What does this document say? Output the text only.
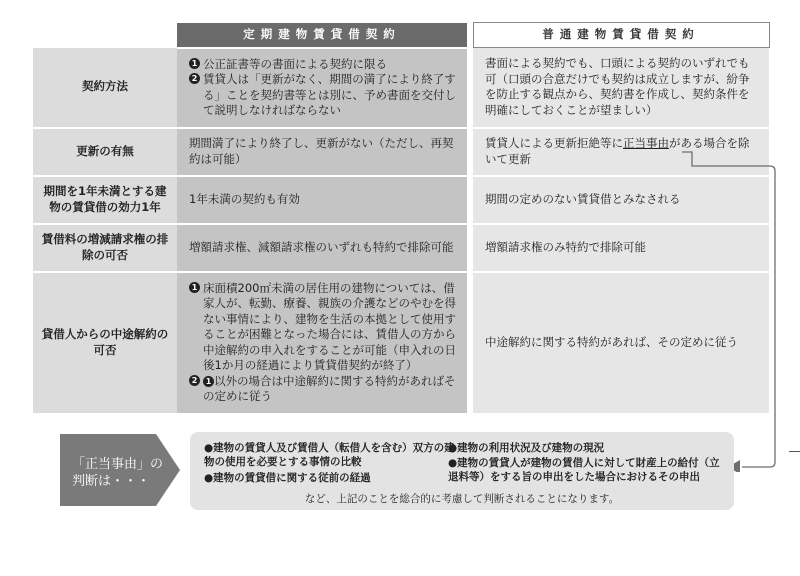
	定期建物賃貸借契約		普通建物賃貸借契約
契約方法	1 公正証書等の書面による契約に限る
2 賃貸人は「更新がなく、期間の満了により終了する」ことを契約書等とは別に、予め書面を交付して説明しなければならない		書面による契約でも、口頭による契約のいずれでも可（口頭の合意だけでも契約は成立しますが、紛争を防止する観点から、契約書を作成し、契約条件を明確にしておくことが望ましい）
更新の有無	期間満了により終了し、更新がない（ただし、再契約は可能）		賃貸人による更新拒絶等に正当事由がある場合を除いて更新
期間を1年未満とする建物の賃貸借の効力1年	1年未満の契約も有効		期間の定めのない賃貸借とみなされる
賃借料の増減請求権の排除の可否	増額請求権、減額請求権のいずれも特約で排除可能		増額請求権のみ特約で排除可能
貸借人からの中途解約の可否	1 床面積200㎡未満の居住用の建物については、借家人が、転勤、療養、親族の介護などのやむを得ない事情により、建物を生活の本拠として使用することが困難となった場合には、賃借人の方から中途解約の申入れをすることが可能（申入れの日後1か月の経過により賃貸借契約が終了）
2 1 以外の場合は中途解約に関する特約があればその定めに従う		中途解約に関する特約があれば、その定めに従う
「正当事由」の判断は・・・
●建物の賃貸人及び賃借人（転借人を含む）双方の建物の使用を必要とする事情の比較
●建物の賃貸借に関する従前の経過
●建物の利用状況及び建物の現況
●建物の賃貸人が建物の賃借人に対して財産上の給付（立退料等）をする旨の申出をした場合におけるその申出
など、上記のことを総合的に考慮して判断されることになります。
